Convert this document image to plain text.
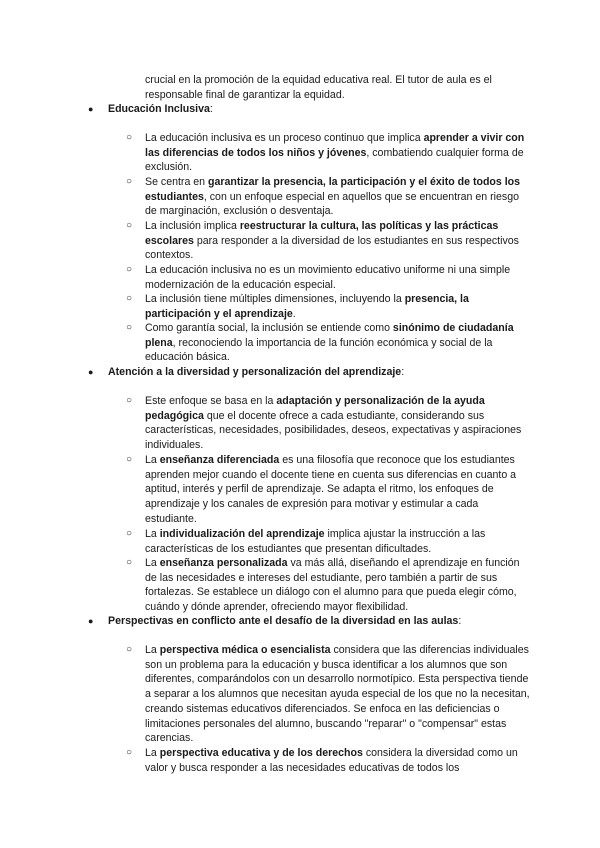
crucial en la promoción de la equidad educativa real. El tutor de aula es el responsable final de garantizar la equidad.

● Educación Inclusiva:
○ La educación inclusiva es un proceso continuo que implica aprender a vivir con las diferencias de todos los niños y jóvenes, combatiendo cualquier forma de exclusión.
○ Se centra en garantizar la presencia, la participación y el éxito de todos los estudiantes, con un enfoque especial en aquellos que se encuentran en riesgo de marginación, exclusión o desventaja.
○ La inclusión implica reestructurar la cultura, las políticas y las prácticas escolares para responder a la diversidad de los estudiantes en sus respectivos contextos.
○ La educación inclusiva no es un movimiento educativo uniforme ni una simple modernización de la educación especial.
○ La inclusión tiene múltiples dimensiones, incluyendo la presencia, la participación y el aprendizaje.
○ Como garantía social, la inclusión se entiende como sinónimo de ciudadanía plena, reconociendo la importancia de la función económica y social de la educación básica.
● Atención a la diversidad y personalización del aprendizaje:
○ Este enfoque se basa en la adaptación y personalización de la ayuda pedagógica que el docente ofrece a cada estudiante, considerando sus características, necesidades, posibilidades, deseos, expectativas y aspiraciones individuales.
○ La enseñanza diferenciada es una filosofía que reconoce que los estudiantes aprenden mejor cuando el docente tiene en cuenta sus diferencias en cuanto a aptitud, interés y perfil de aprendizaje. Se adapta el ritmo, los enfoques de aprendizaje y los canales de expresión para motivar y estimular a cada estudiante.
○ La individualización del aprendizaje implica ajustar la instrucción a las características de los estudiantes que presentan dificultades.
○ La enseñanza personalizada va más allá, diseñando el aprendizaje en función de las necesidades e intereses del estudiante, pero también a partir de sus fortalezas. Se establece un diálogo con el alumno para que pueda elegir cómo, cuándo y dónde aprender, ofreciendo mayor flexibilidad.
● Perspectivas en conflicto ante el desafío de la diversidad en las aulas:
○ La perspectiva médica o esencialista considera que las diferencias individuales son un problema para la educación y busca identificar a los alumnos que son diferentes, comparándolos con un desarrollo normotípico. Esta perspectiva tiende a separar a los alumnos que necesitan ayuda especial de los que no la necesitan, creando sistemas educativos diferenciados. Se enfoca en las deficiencias o limitaciones personales del alumno, buscando "reparar" o "compensar" estas carencias.
○ La perspectiva educativa y de los derechos considera la diversidad como un valor y busca responder a las necesidades educativas de todos los
